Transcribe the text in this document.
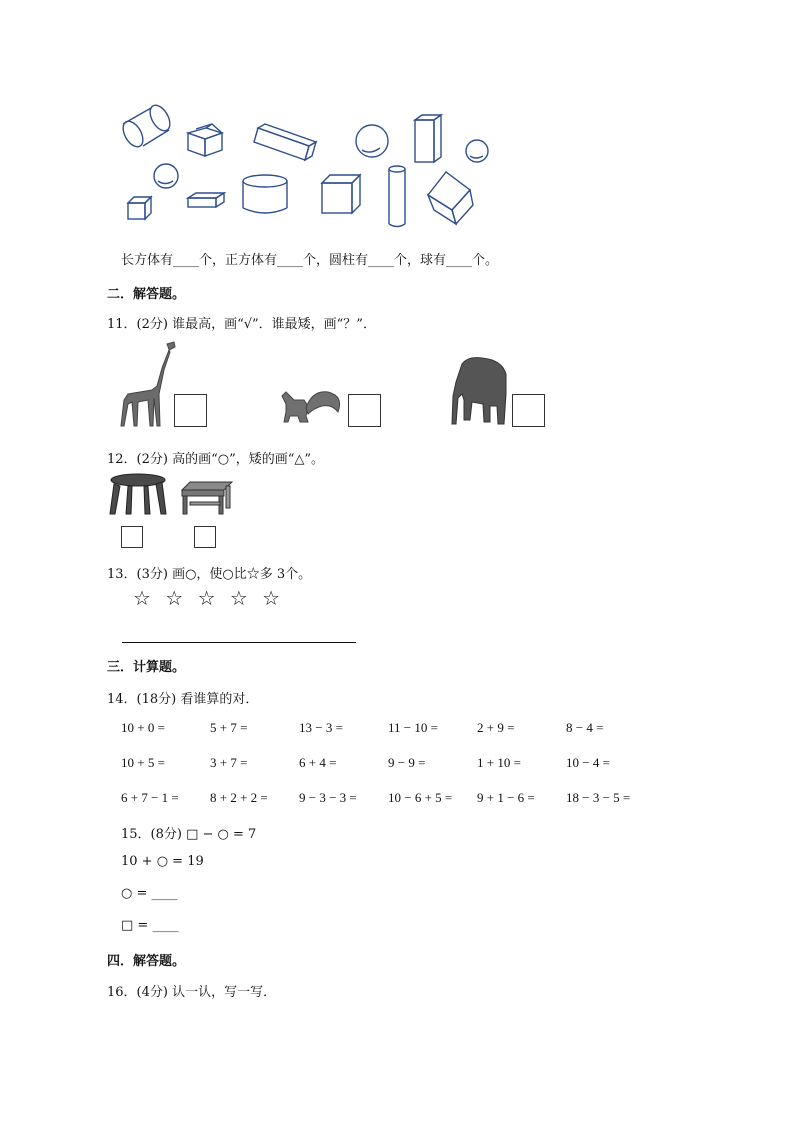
长方体有____个，正方体有____个，圆柱有____个，球有____个。
二．解答题。
11．(2分) 谁最高，画“√”．谁最矮，画“？”．
12．(2分) 高的画“○”，矮的画“△”。
13．(3分) 画○，使○比☆多 3个。
☆ ☆ ☆ ☆ ☆
三．计算题。
14．(18分) 看谁算的对．
10 + 0 =	5 + 7 =	13 − 3 =	11 − 10 =	2 + 9 =	8 − 4 =
10 + 5 =	3 + 7 =	6 + 4 =	9 − 9 =	1 + 10 =	10 − 4 =
6 + 7 − 1 = 8 + 2 + 2 = 9 − 3 − 3 = 10 − 6 + 5 = 9 + 1 − 6 = 18 − 3 − 5 =
15．(8分) □ − ○ = 7
10 + ○ = 19
○ = ____
□ = ____
四．解答题。
16．(4分) 认一认，写一写．
